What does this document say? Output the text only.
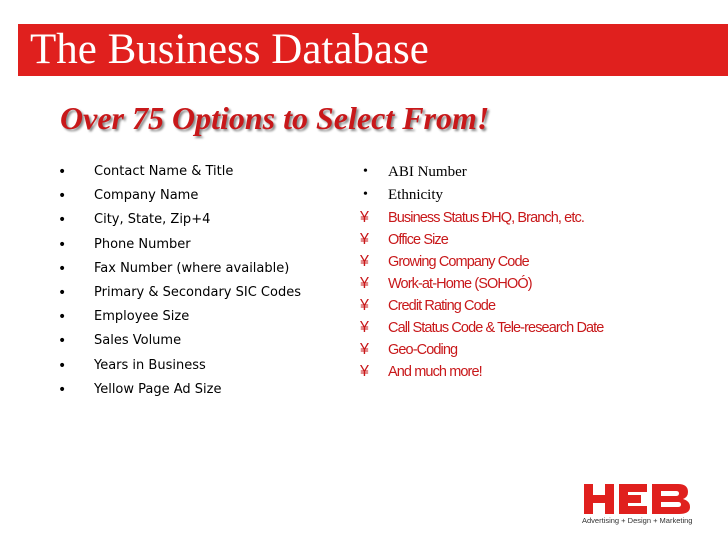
The Business Database
Over 75 Options to Select From!
• Contact Name & Title
• Company Name
• City, State, Zip+4
• Phone Number
• Fax Number (where available)
• Primary & Secondary SIC Codes
• Employee Size
• Sales Volume
• Years in Business
• Yellow Page Ad Size
• ABI Number
• Ethnicity
¥ Business Status ÐHQ, Branch, etc.
¥ Office Size
¥ Growing Company Code
¥ Work-at-Home (SOHOÓ)
¥ Credit Rating Code
¥ Call Status Code & Tele-research Date
¥ Geo-Coding
¥ And much more!
Advertising + Design + Marketing
